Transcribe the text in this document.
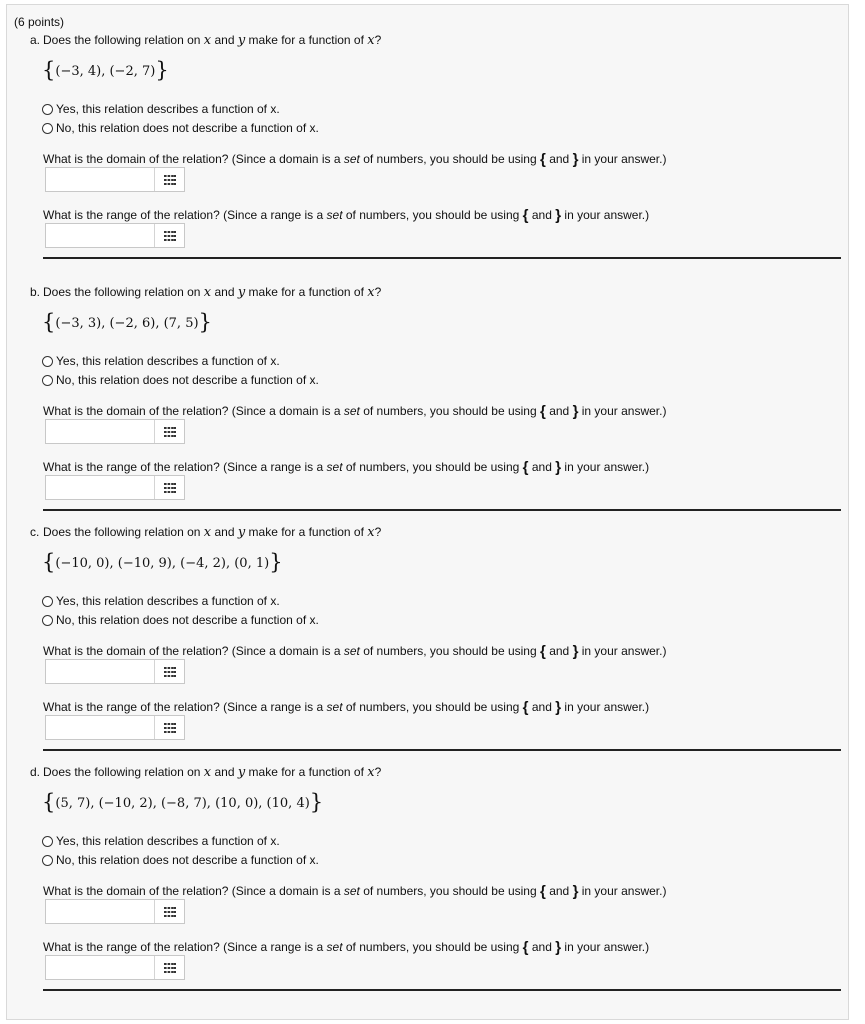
(6 points)
a. Does the following relation on x and y make for a function of x?
{(−3, 4), (−2, 7)}
Yes, this relation describes a function of x.
No, this relation does not describe a function of x.
What is the domain of the relation? (Since a domain is a set of numbers, you should be using { and } in your answer.)
What is the range of the relation? (Since a range is a set of numbers, you should be using { and } in your answer.)
b. Does the following relation on x and y make for a function of x?
{(−3, 3), (−2, 6), (7, 5)}
Yes, this relation describes a function of x.
No, this relation does not describe a function of x.
What is the domain of the relation? (Since a domain is a set of numbers, you should be using { and } in your answer.)
What is the range of the relation? (Since a range is a set of numbers, you should be using { and } in your answer.)
c. Does the following relation on x and y make for a function of x?
{(−10, 0), (−10, 9), (−4, 2), (0, 1)}
Yes, this relation describes a function of x.
No, this relation does not describe a function of x.
What is the domain of the relation? (Since a domain is a set of numbers, you should be using { and } in your answer.)
What is the range of the relation? (Since a range is a set of numbers, you should be using { and } in your answer.)
d. Does the following relation on x and y make for a function of x?
{(5, 7), (−10, 2), (−8, 7), (10, 0), (10, 4)}
Yes, this relation describes a function of x.
No, this relation does not describe a function of x.
What is the domain of the relation? (Since a domain is a set of numbers, you should be using { and } in your answer.)
What is the range of the relation? (Since a range is a set of numbers, you should be using { and } in your answer.)
